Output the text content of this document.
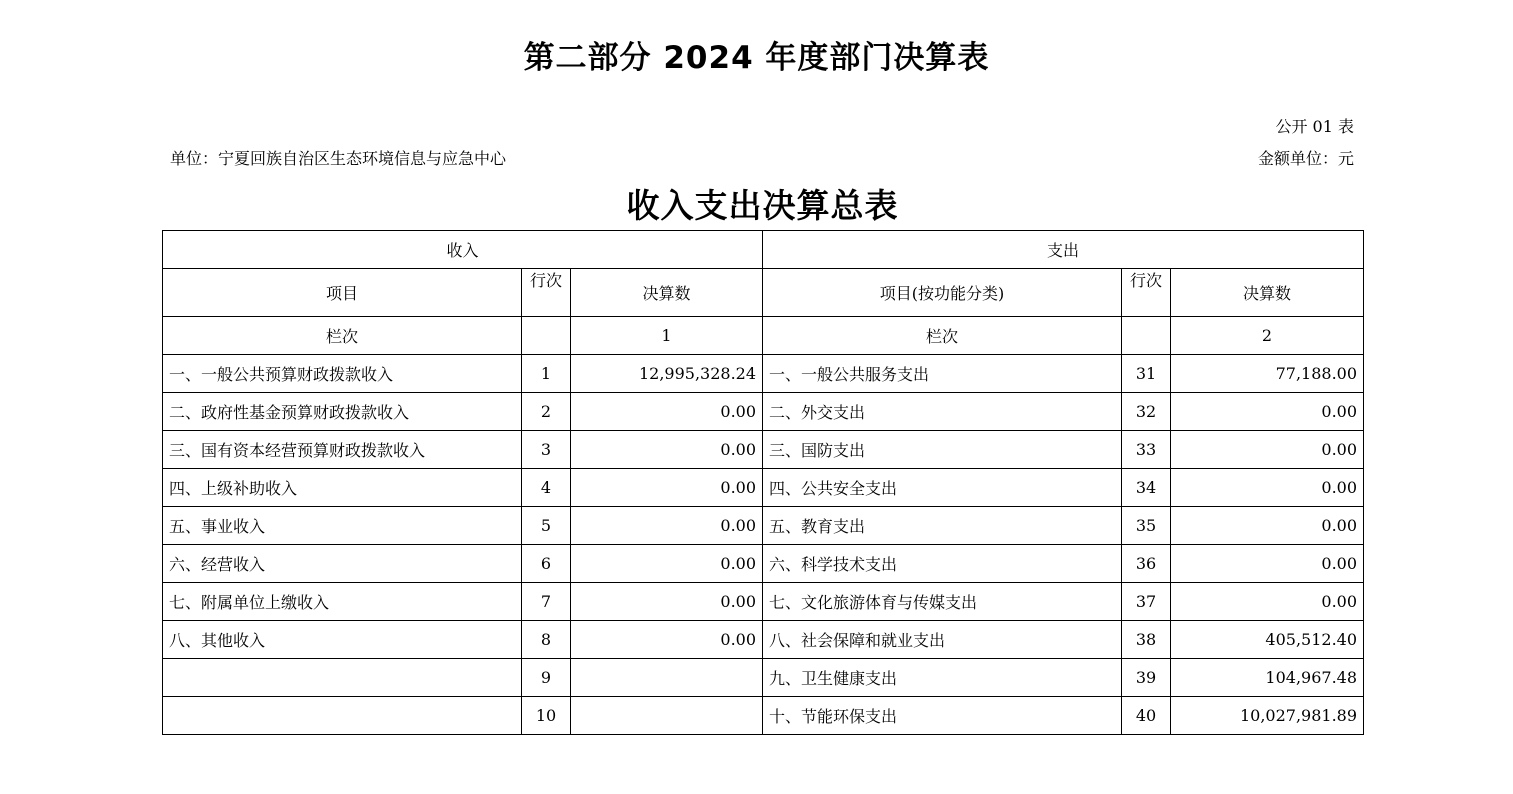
第二部分 2024 年度部门决算表
公开 01 表
单位：宁夏回族自治区生态环境信息与应急中心	金额单位：元
收入支出决算总表
收入			支出		
项目	行次	决算数	项目(按功能分类)	行次	决算数
栏次		1	栏次		2
一、一般公共预算财政拨款收入	1	12,995,328.24	一、一般公共服务支出	31	77,188.00
二、政府性基金预算财政拨款收入	2	0.00	二、外交支出	32	0.00
三、国有资本经营预算财政拨款收入	3	0.00	三、国防支出	33	0.00
四、上级补助收入	4	0.00	四、公共安全支出	34	0.00
五、事业收入	5	0.00	五、教育支出	35	0.00
六、经营收入	6	0.00	六、科学技术支出	36	0.00
七、附属单位上缴收入	7	0.00	七、文化旅游体育与传媒支出	37	0.00
八、其他收入	8	0.00	八、社会保障和就业支出	38	405,512.40
	9		九、卫生健康支出	39	104,967.48
	10		十、节能环保支出	40	10,027,981.89
